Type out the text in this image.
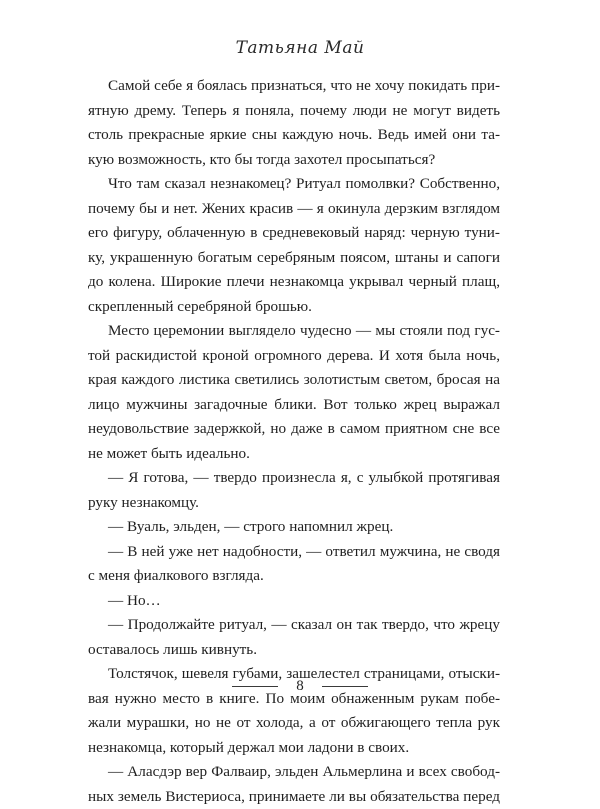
Татьяна Май
Самой себе я боялась признаться, что не хочу покидать при-
ятную дрему. Теперь я поняла, почему люди не могут видеть
столь прекрасные яркие сны каждую ночь. Ведь имей они та-
кую возможность, кто бы тогда захотел просыпаться?
Что там сказал незнакомец? Ритуал помолвки? Собственно,
почему бы и нет. Жених красив — я окинула дерзким взглядом
его фигуру, облаченную в средневековый наряд: черную туни-
ку, украшенную богатым серебряным поясом, штаны и сапоги
до колена. Широкие плечи незнакомца укрывал черный плащ,
скрепленный серебряной брошью.
Место церемонии выглядело чудесно — мы стояли под гус-
той раскидистой кроной огромного дерева. И хотя была ночь,
края каждого листика светились золотистым светом, бросая на
лицо мужчины загадочные блики. Вот только жрец выражал
неудовольствие задержкой, но даже в самом приятном сне все
не может быть идеально.
— Я готова, — твердо произнесла я, с улыбкой протягивая
руку незнакомцу.
— Вуаль, эльден, — строго напомнил жрец.
— В ней уже нет надобности, — ответил мужчина, не сводя
с меня фиалкового взгляда.
— Но…
— Продолжайте ритуал, — сказал он так твердо, что жрецу
оставалось лишь кивнуть.
Толстячок, шевеля губами, зашелестел страницами, отыски-
вая нужно место в книге. По моим обнаженным рукам побе-
жали мурашки, но не от холода, а от обжигающего тепла рук
незнакомца, который держал мои ладони в своих.
— Аласдэр вер Фалваир, эльден Альмерлина и всех свобод-
ных земель Вистериоса, принимаете ли вы обязательства перед
8
